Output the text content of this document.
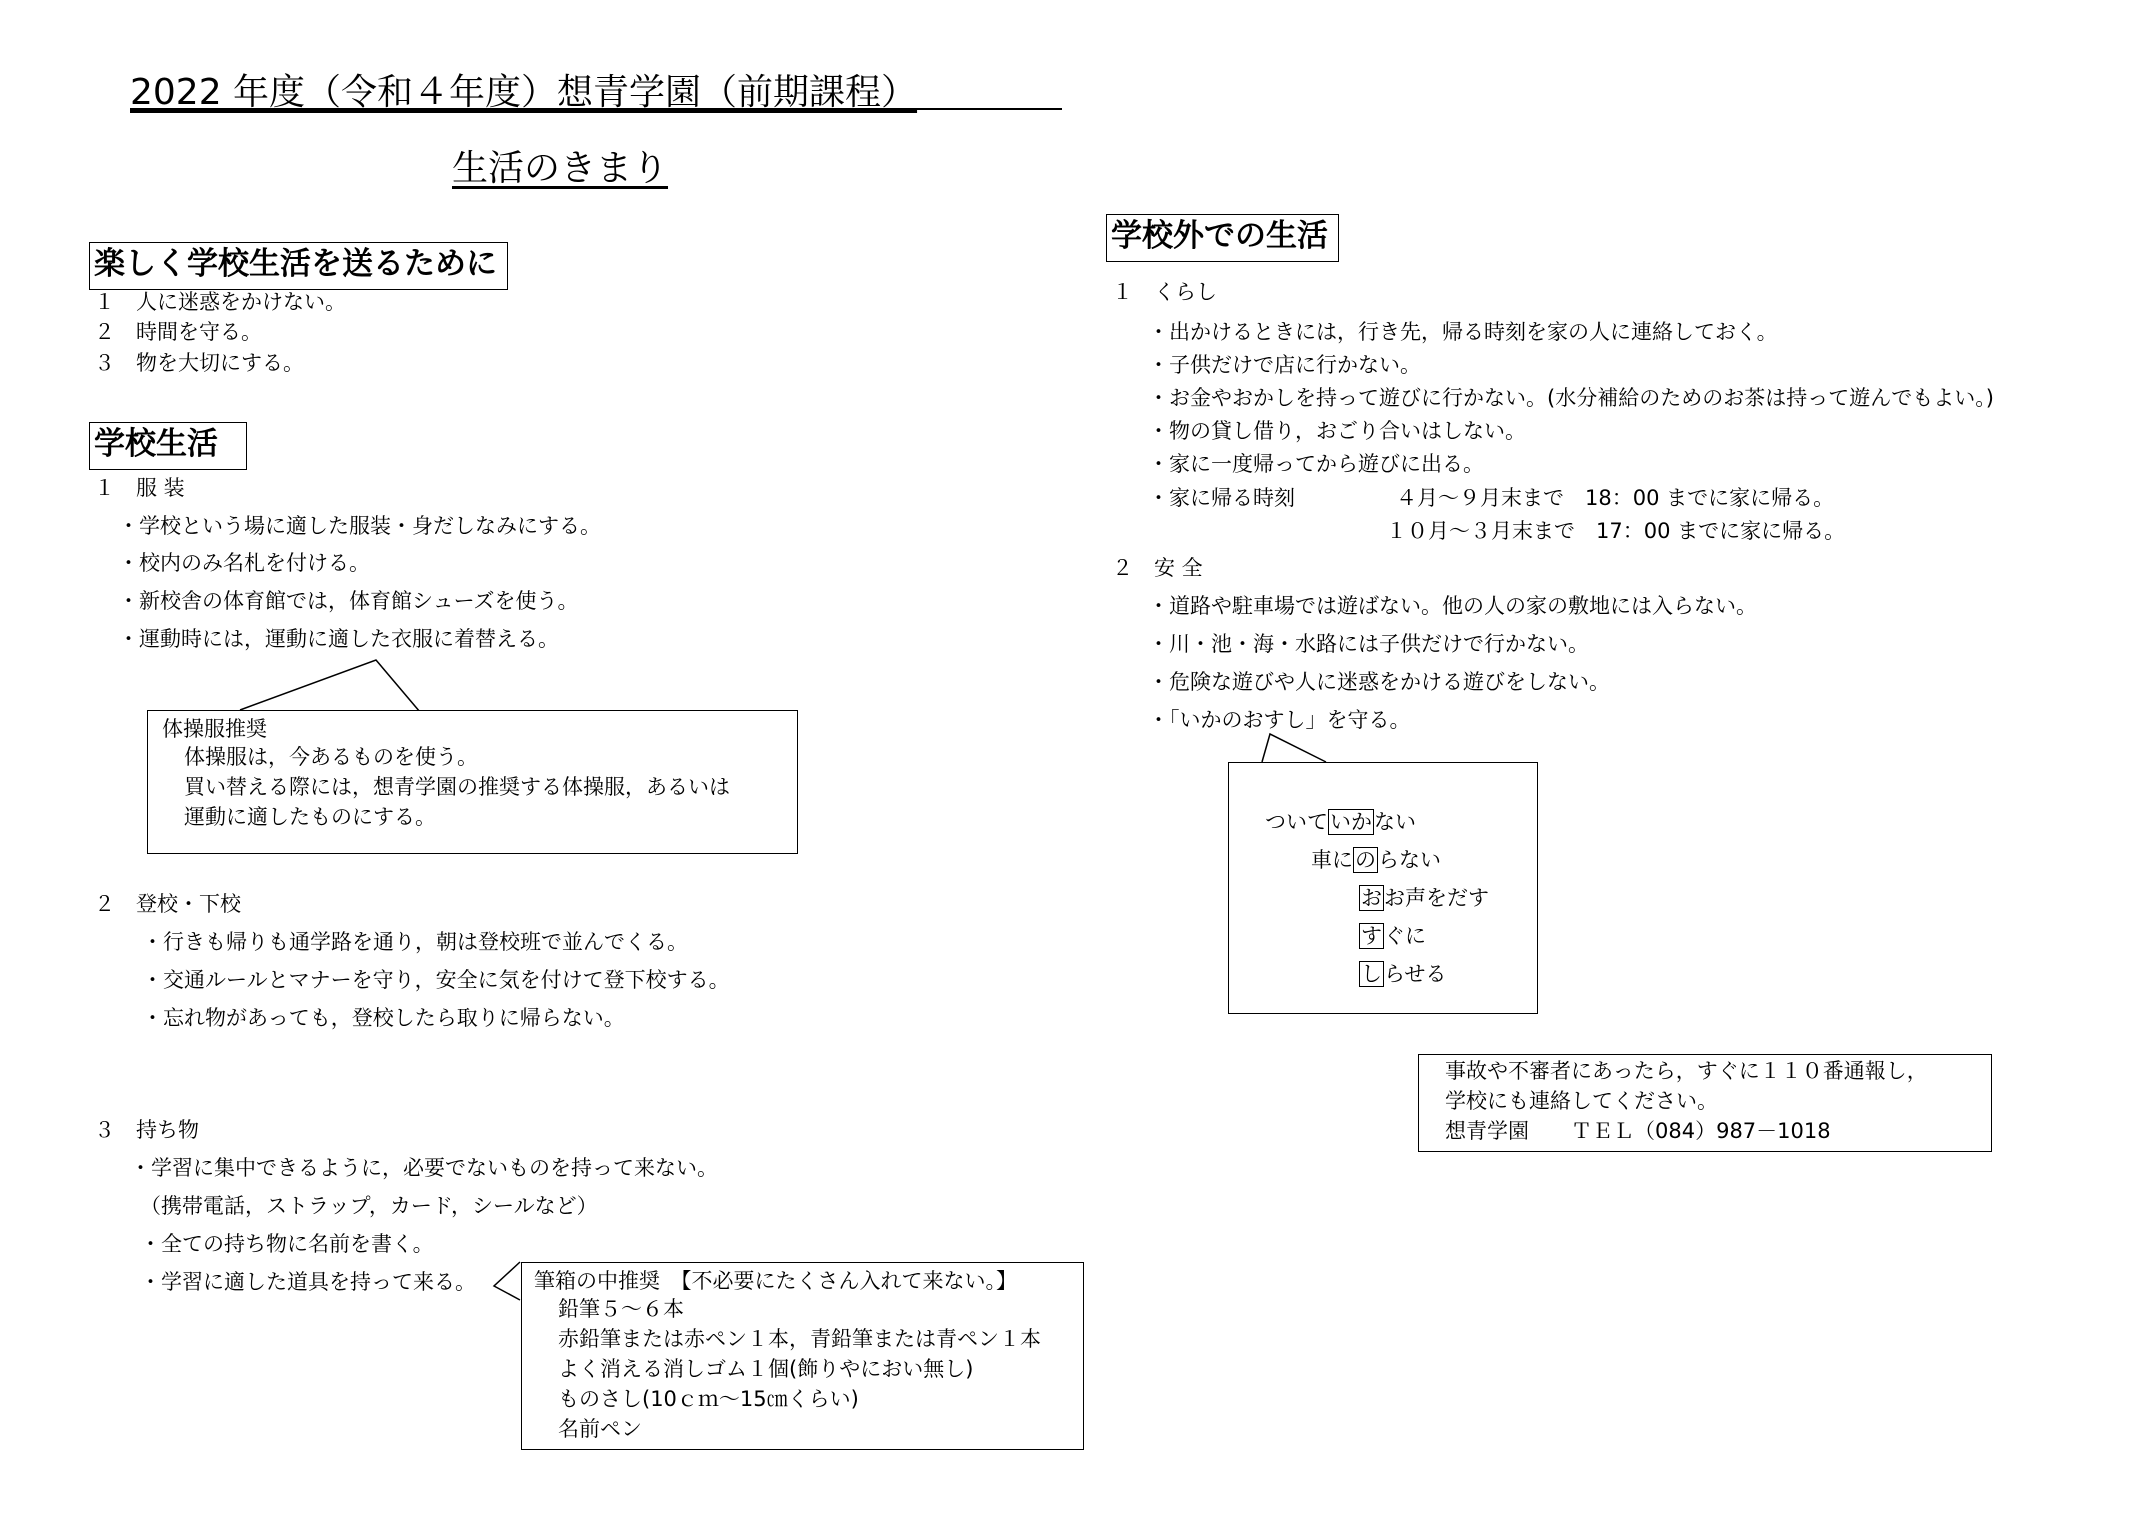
2022 年度（令和４年度）想青学園（前期課程）
生活のきまり
楽しく学校生活を送るために
１　人に迷惑をかけない。
２　時間を守る。
３　物を大切にする。
学校生活
１　服 装
・学校という場に適した服装・身だしなみにする。
・校内のみ名札を付ける。
・新校舎の体育館では，体育館シューズを使う。
・運動時には，運動に適した衣服に着替える。
体操服推奨
体操服は，今あるものを使う。
買い替える際には，想青学園の推奨する体操服，あるいは
運動に適したものにする。
２　登校・下校
・行きも帰りも通学路を通り，朝は登校班で並んでくる。
・交通ルールとマナーを守り，安全に気を付けて登下校する。
・忘れ物があっても，登校したら取りに帰らない。
３　持ち物
・学習に集中できるように，必要でないものを持って来ない。
（携帯電話，ストラップ，カード，シールなど）
・全ての持ち物に名前を書く。
・学習に適した道具を持って来る。	筆箱の中推奨　【不必要にたくさん入れて来ない。】
鉛筆５～６本
赤鉛筆または赤ペン１本，青鉛筆または青ペン１本
よく消える消しゴム１個(飾りやにおい無し)
ものさし(10ｃｍ～15㎝くらい)
名前ペン
学校外での生活
１　くらし
・出かけるときには，行き先，帰る時刻を家の人に連絡しておく。
・子供だけで店に行かない。
・お金やおかしを持って遊びに行かない。(水分補給のためのお茶は持って遊んでもよい。)
・物の貸し借り，おごり合いはしない。
・家に一度帰ってから遊びに出る。
・家に帰る時刻	４月～９月末まで　18：00 までに家に帰る。
１０月～３月末まで　17：00 までに家に帰る。
２　安 全
・道路や駐車場では遊ばない。他の人の家の敷地には入らない。
・川・池・海・水路には子供だけで行かない。
・危険な遊びや人に迷惑をかける遊びをしない。
・「いかのおすし」を守る。
ついていかない
車にのらない
おお声をだす
すぐに
しらせる
事故や不審者にあったら，すぐに１１０番通報し，
学校にも連絡してください。
想青学園　　ＴＥＬ（084）987－1018
